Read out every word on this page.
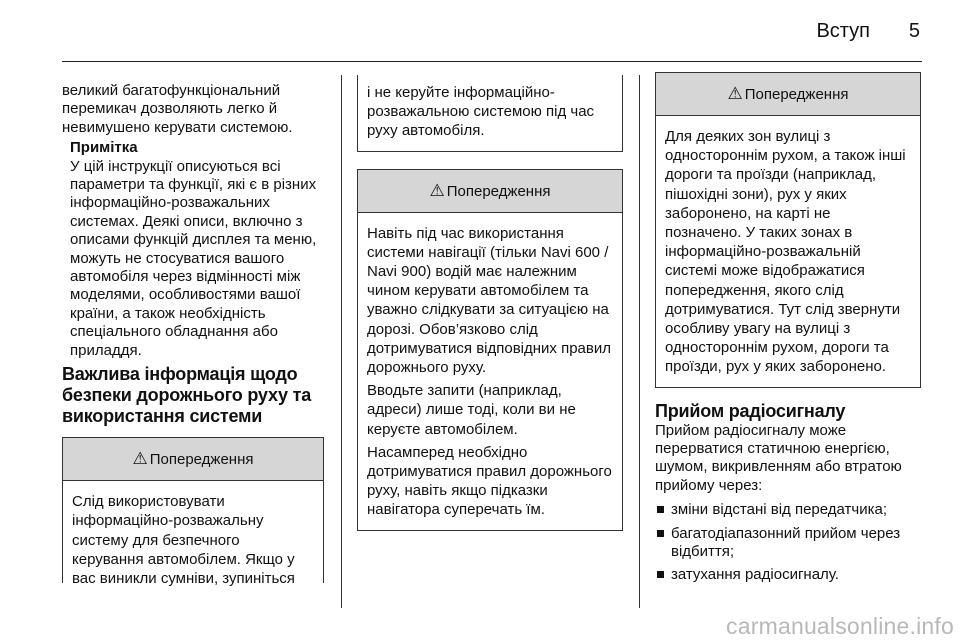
Вступ 5

великий багатофункціональний перемикач дозволяють легко й невимушено керувати системою.

Примітка

У цій інструкції описуються всі параметри та функції, які є в різних інформаційно-розважальних системах. Деякі описи, включно з описами функцій дисплея та меню, можуть не стосуватися вашого автомобіля через відмінності між моделями, особливостями вашої країни, а також необхідність спеціального обладнання або приладдя.

Важлива інформація щодо безпеки дорожнього руху та використання системи

⚠ Попередження

Слід використовувати інформаційно-розважальну систему для безпечного керування автомобілем. Якщо у вас виникли сумніви, зупиніться

і не керуйте інформаційно-розважальною системою під час руху автомобіля.

⚠ Попередження

Навіть під час використання системи навігації (тільки Navi 600 / Navi 900) водій має належним чином керувати автомобілем та уважно слідкувати за ситуацією на дорозі. Обов’язково слід дотримуватися відповідних правил дорожнього руху.

Вводьте запити (наприклад, адреси) лише тоді, коли ви не керуєте автомобілем.

Насамперед необхідно дотримуватися правил дорожнього руху, навіть якщо підказки навігатора суперечать їм.

⚠ Попередження

Для деяких зон вулиці з одностороннім рухом, а також інші дороги та проїзди (наприклад, пішохідні зони), рух у яких заборонено, на карті не позначено. У таких зонах в інформаційно-розважальній системі може відображатися попередження, якого слід дотримуватися. Тут слід звернути особливу увагу на вулиці з одностороннім рухом, дороги та проїзди, рух у яких заборонено.

Прийом радіосигналу

Прийом радіосигналу може перерватися статичною енергією, шумом, викривленням або втратою прийому через:

зміни відстані від передатчика;
багатодіапазонний прийом через відбиття;
затухання радіосигналу.
carmanualsonline.info
